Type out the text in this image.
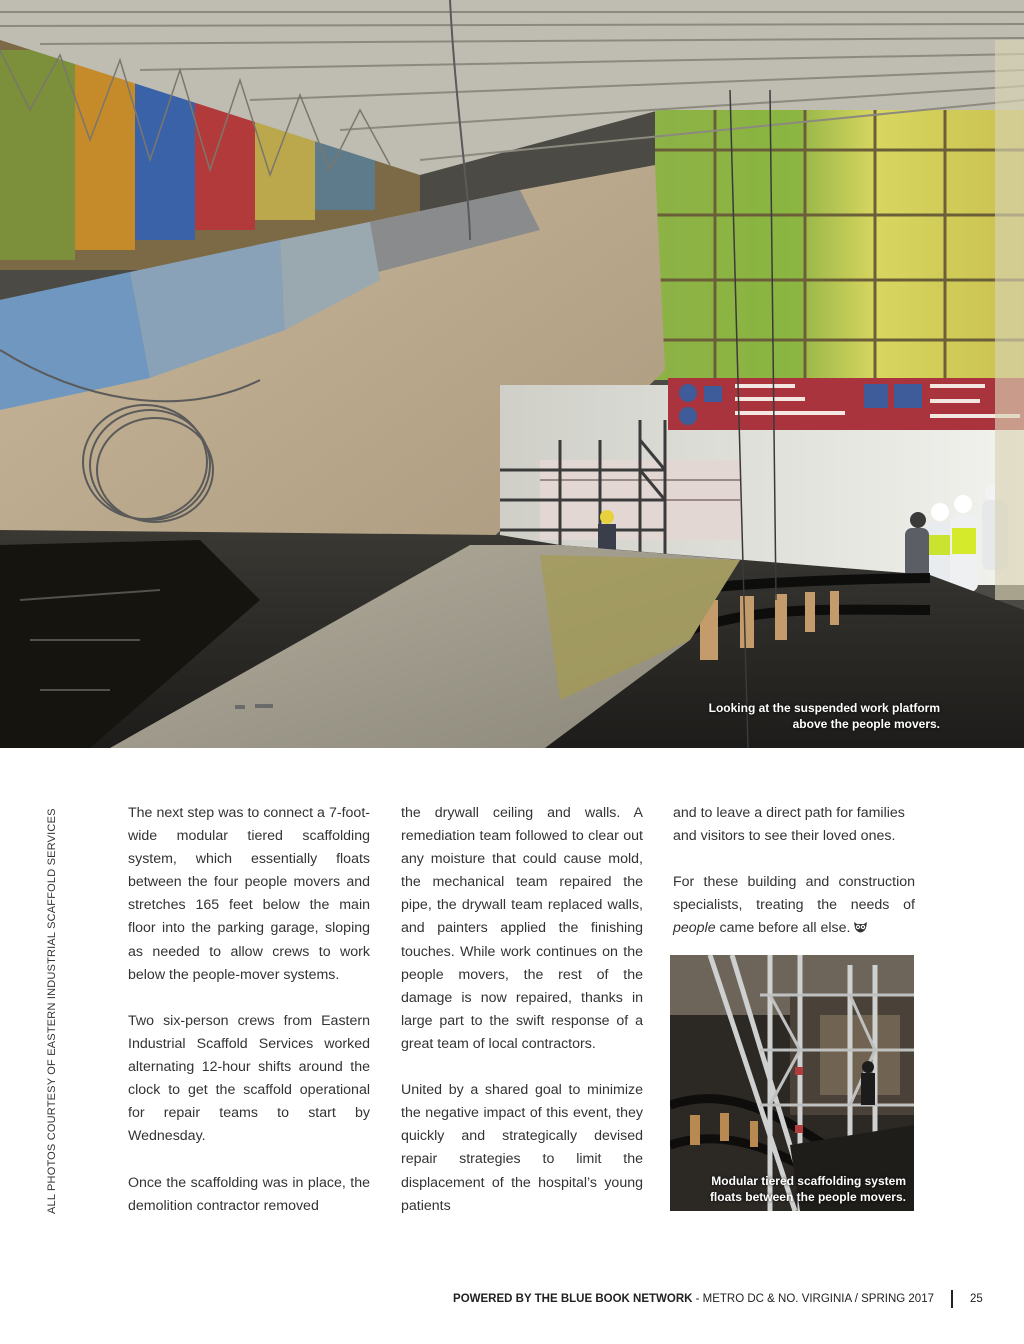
Looking at the suspended work platform
above the people movers.
ALL PHOTOS COURTESY OF EASTERN INDUSTRIAL SCAFFOLD SERVICES	The next step was to connect a 7-foot-wide modular tiered scaffolding system, which essentially floats between the four people movers and stretches 165 feet below the main floor into the parking garage, sloping as needed to allow crews to work below the people-mover systems.

Two six-person crews from Eastern Industrial Scaffold Services worked alternating 12-hour shifts around the clock to get the scaffold operational for repair teams to start by Wednesday.

Once the scaffolding was in place, the demolition contractor removed

the drywall ceiling and walls. A remediation team followed to clear out any moisture that could cause mold, the mechanical team repaired the pipe, the drywall team replaced walls, and painters applied the finishing touches. While work continues on the people movers, the rest of the damage is now repaired, thanks in large part to the swift response of a great team of local contractors.

United by a shared goal to minimize the negative impact of this event, they quickly and strategically devised repair strategies to limit the displacement of the hospital’s young patients

and to leave a direct path for families and visitors to see their loved ones.

For these building and construction specialists, treating the needs of people came before all else.

Modular tiered scaffolding system
floats between the people movers.
POWERED BY THE BLUE BOOK NETWORK - METRO DC & NO. VIRGINIA / SPRING 2017	25
